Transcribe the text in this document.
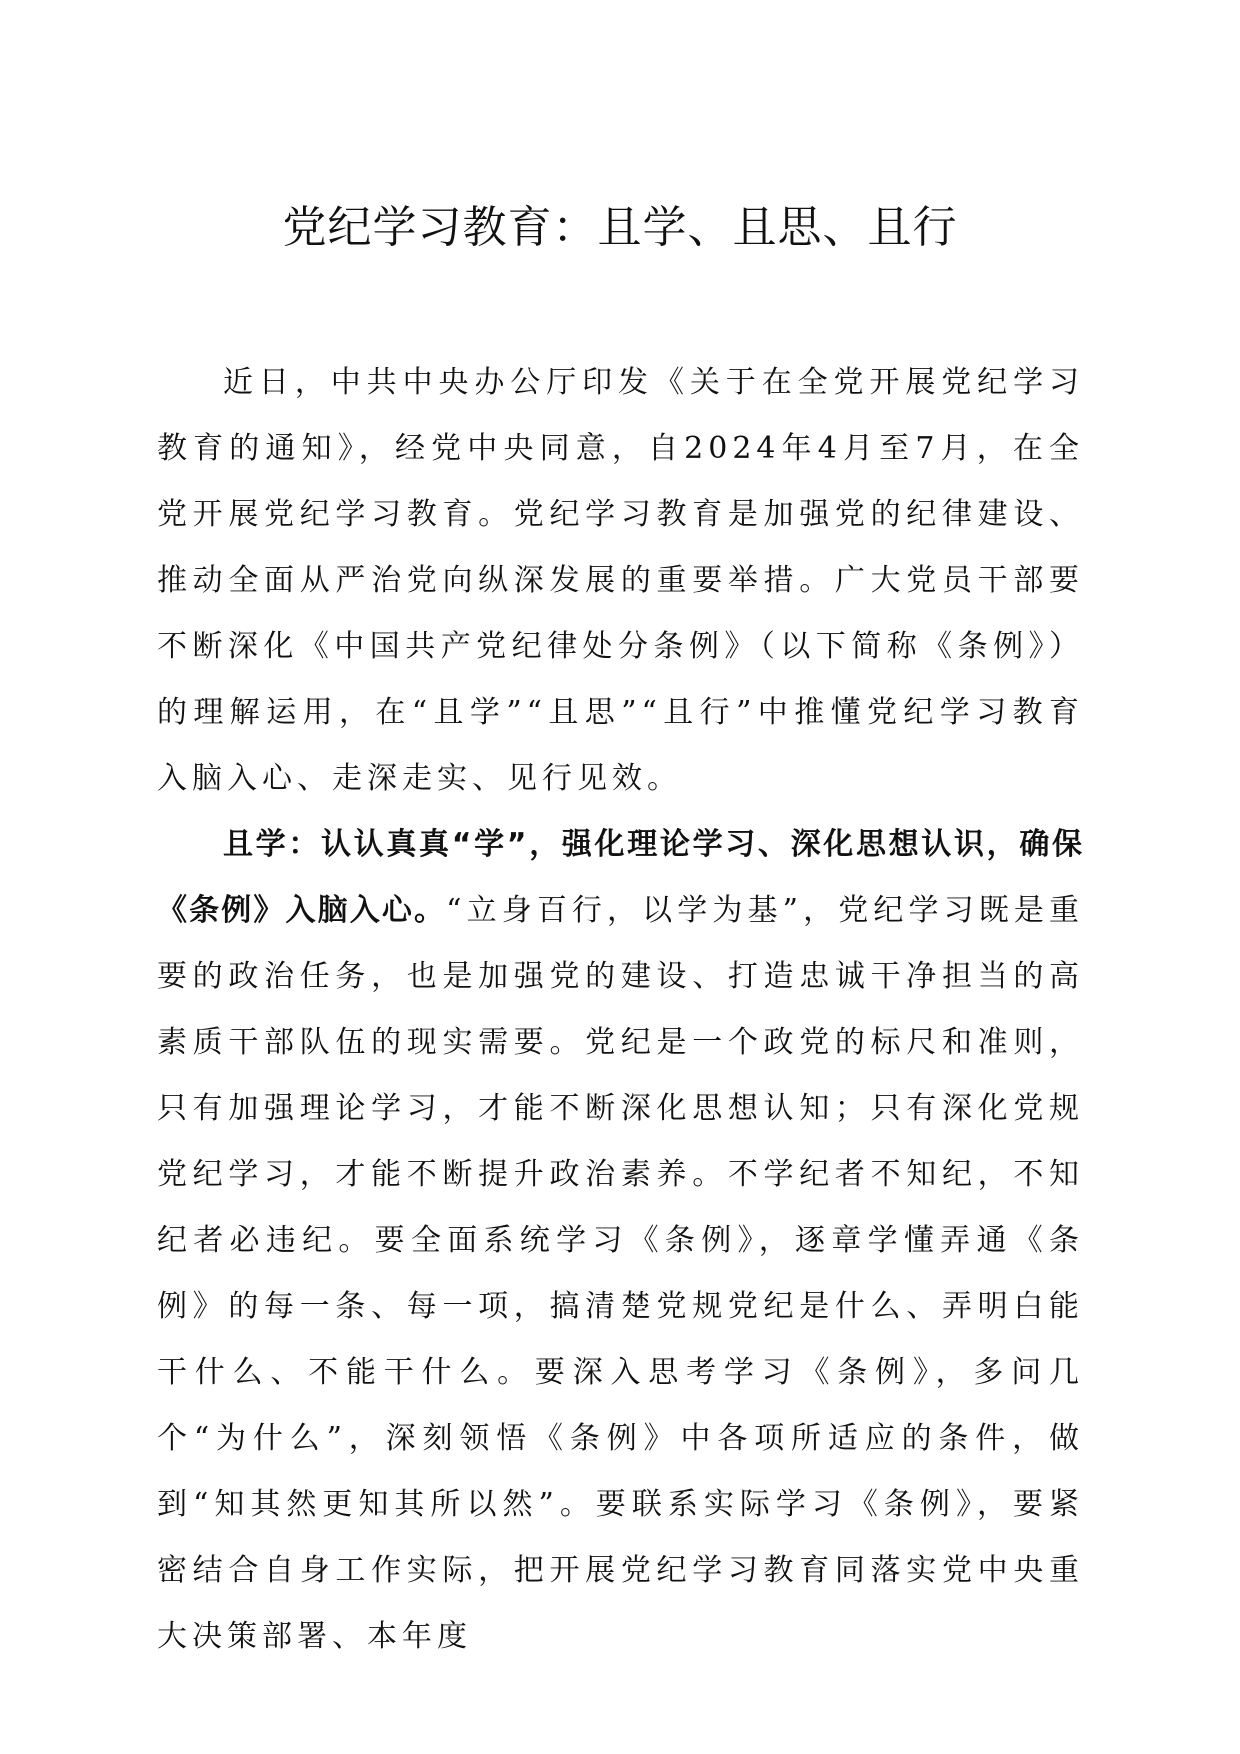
党纪学习教育：且学、且思、且行

近日，中共中央办公厅印发《关于在全党开展党纪学习教育的通知》，经党中央同意，自2024年4月至7月，在全党开展党纪学习教育。党纪学习教育是加强党的纪律建设、推动全面从严治党向纵深发展的重要举措。广大党员干部要不断深化《中国共产党纪律处分条例》（以下简称《条例》）的理解运用，在“且学”“且思”“且行”中推懂党纪学习教育入脑入心、走深走实、见行见效。

且学：认认真真“学”，强化理论学习、深化思想认识，确保《条例》入脑入心。“立身百行，以学为基”，党纪学习既是重要的政治任务，也是加强党的建设、打造忠诚干净担当的高素质干部队伍的现实需要。党纪是一个政党的标尺和准则，只有加强理论学习，才能不断深化思想认知；只有深化党规党纪学习，才能不断提升政治素养。不学纪者不知纪，不知纪者必违纪。要全面系统学习《条例》，逐章学懂弄通《条例》的每一条、每一项，搞清楚党规党纪是什么、弄明白能干什么、不能干什么。要深入思考学习《条例》，多问几个“为什么”，深刻领悟《条例》中各项所适应的条件，做到“知其然更知其所以然”。要联系实际学习《条例》，要紧密结合自身工作实际，把开展党纪学习教育同落实党中央重大决策部署、本年度
